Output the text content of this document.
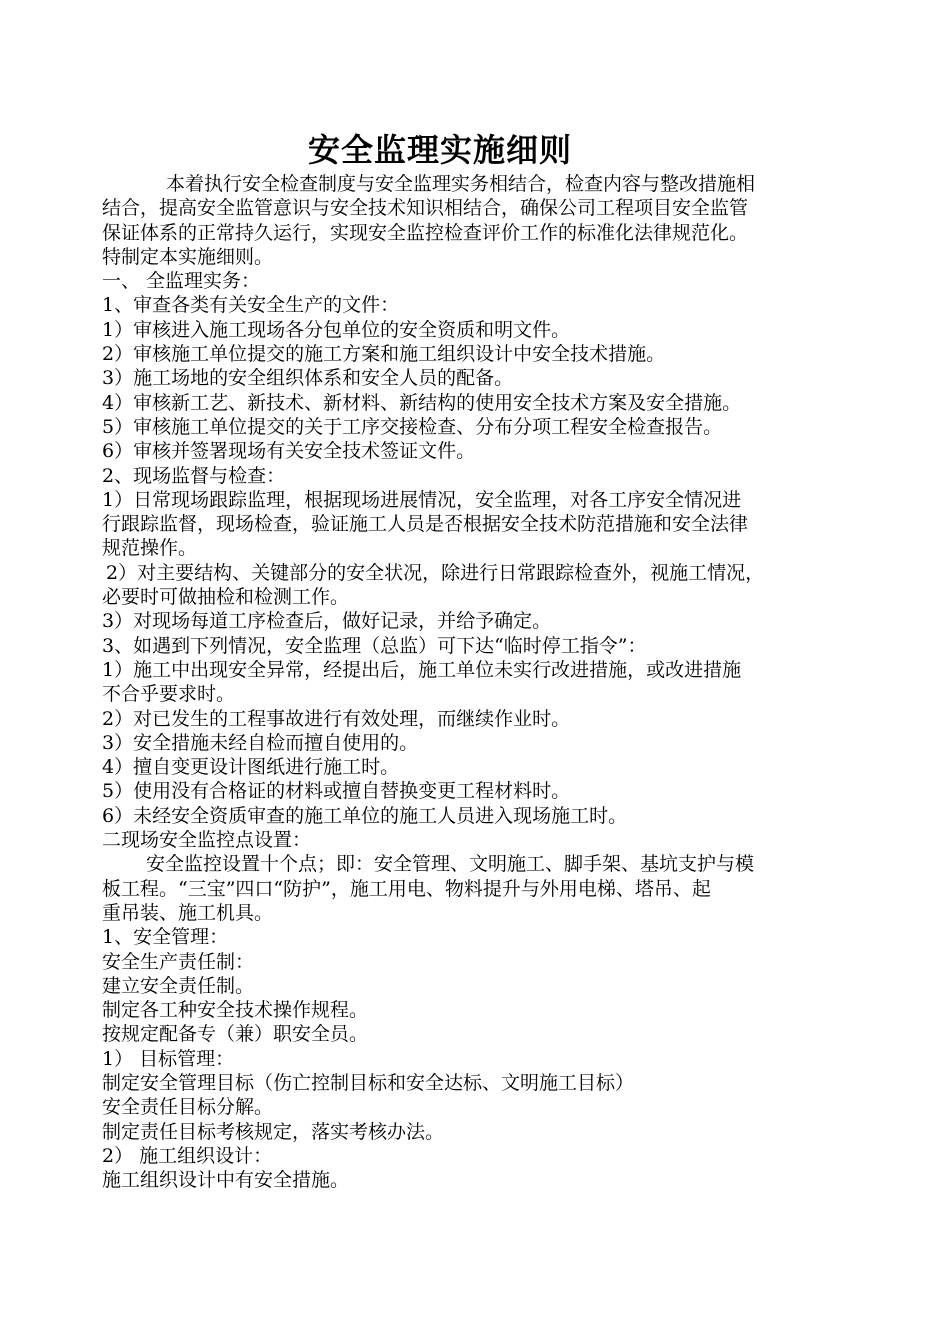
安全监理实施细则
本着执行安全检查制度与安全监理实务相结合，检查内容与整改措施相
结合，提高安全监管意识与安全技术知识相结合，确保公司工程项目安全监管
保证体系的正常持久运行，实现安全监控检查评价工作的标准化法律规范化。
特制定本实施细则。
一、 全监理实务：
1、审查各类有关安全生产的文件：
1）审核进入施工现场各分包单位的安全资质和明文件。
2）审核施工单位提交的施工方案和施工组织设计中安全技术措施。
3）施工场地的安全组织体系和安全人员的配备。
4）审核新工艺、新技术、新材料、新结构的使用安全技术方案及安全措施。
5）审核施工单位提交的关于工序交接检查、分布分项工程安全检查报告。
6）审核并签署现场有关安全技术签证文件。
2、现场监督与检查：
1）日常现场跟踪监理，根据现场进展情况，安全监理，对各工序安全情况进
行跟踪监督，现场检查，验证施工人员是否根据安全技术防范措施和安全法律
规范操作。
2）对主要结构、关键部分的安全状况，除进行日常跟踪检查外，视施工情况，
必要时可做抽检和检测工作。
3）对现场每道工序检查后，做好记录，并给予确定。
3、如遇到下列情况，安全监理（总监）可下达“临时停工指令”：
1）施工中出现安全异常，经提出后，施工单位未实行改进措施，或改进措施
不合乎要求时。
2）对已发生的工程事故进行有效处理，而继续作业时。
3）安全措施未经自检而擅自使用的。
4）擅自变更设计图纸进行施工时。
5）使用没有合格证的材料或擅自替换变更工程材料时。
6）未经安全资质审查的施工单位的施工人员进入现场施工时。
二现场安全监控点设置：
安全监控设置十个点；即：安全管理、文明施工、脚手架、基坑支护与模
板工程。“三宝”四口“防护”，施工用电、物料提升与外用电梯、塔吊、起
重吊装、施工机具。
1、安全管理：
安全生产责任制：
建立安全责任制。
制定各工种安全技术操作规程。
按规定配备专（兼）职安全员。
1） 目标管理：
制定安全管理目标（伤亡控制目标和安全达标、文明施工目标）
安全责任目标分解。
制定责任目标考核规定，落实考核办法。
2） 施工组织设计：
施工组织设计中有安全措施。
